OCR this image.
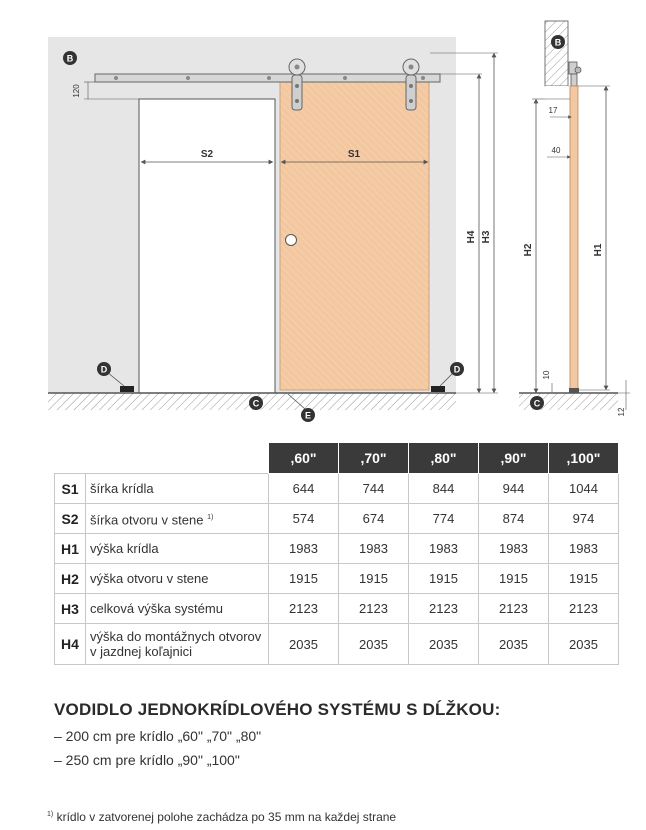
S2	S1
120
H4 H3
B
D	D
C
E
17
40
H2	H1
10
12
B
C
		,60"	,70"	,80"	,90"	,100"
S1	šírka krídla	644	744	844	944	1044
S2	šírka otvoru v stene $^{1)}$	574	674	774	874	974
H1	výška krídla	1983	1983	1983	1983	1983
H2	výška otvoru v stene	1915	1915	1915	1915	1915
H3	celková výška systému	2123	2123	2123	2123	2123
H4	výška do montážnych otvorov v jazdnej koľajnici	2035	2035	2035	2035	2035
VODIDLO JEDNOKRÍDLOVÉHO SYSTÉMU S DĹŽKOU:
– 200 cm pre krídlo „60" „70" „80"
– 250 cm pre krídlo „90" „100"
$^{1)}$ krídlo v zatvorenej polohe zachádza po 35 mm na každej strane
